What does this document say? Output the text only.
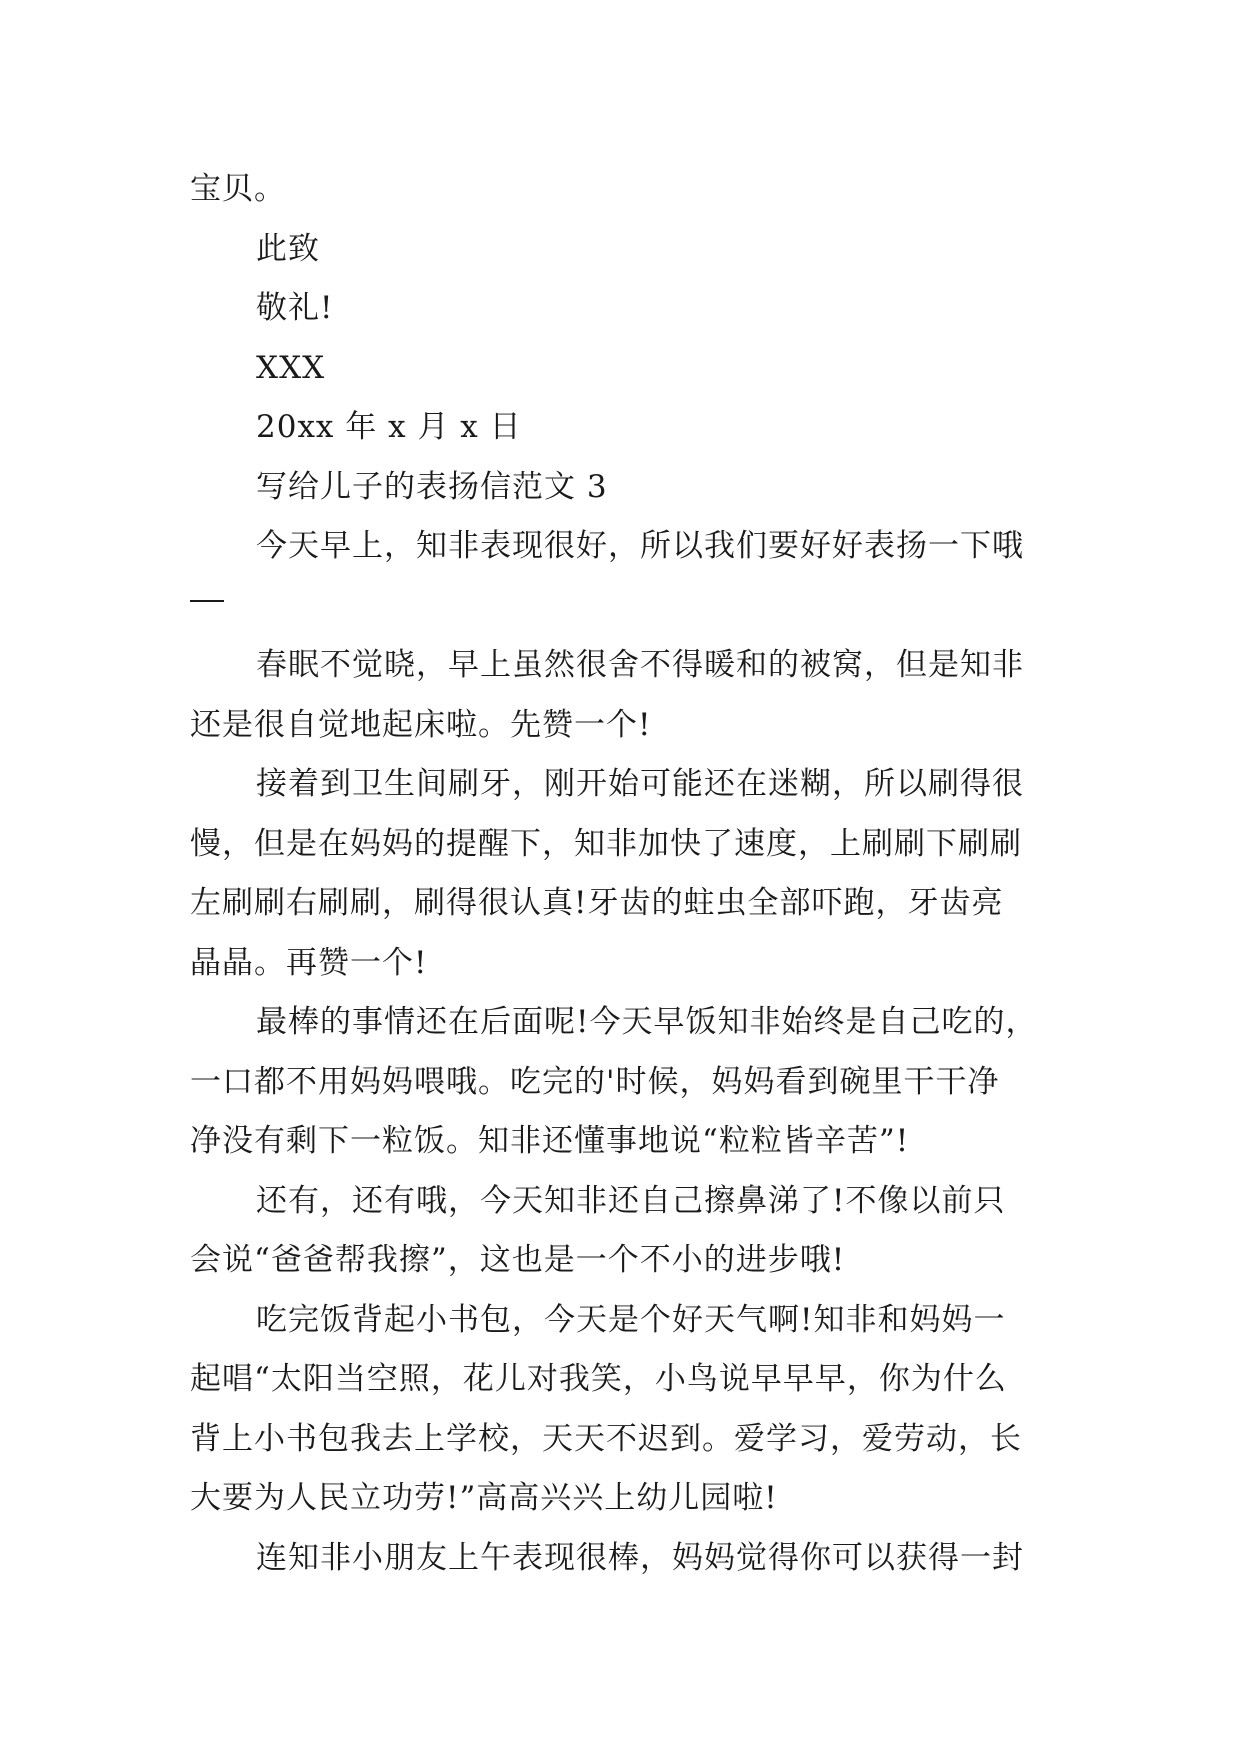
宝贝。
此致
敬礼!
XXX
20xx 年 x 月 x 日
写给儿子的表扬信范文 3
今天早上，知非表现很好，所以我们要好好表扬一下哦
春眠不觉晓，早上虽然很舍不得暖和的被窝，但是知非
还是很自觉地起床啦。先赞一个!
接着到卫生间刷牙，刚开始可能还在迷糊，所以刷得很
慢，但是在妈妈的提醒下，知非加快了速度，上刷刷下刷刷
左刷刷右刷刷，刷得很认真!牙齿的蛀虫全部吓跑，牙齿亮
晶晶。再赞一个!
最棒的事情还在后面呢!今天早饭知非始终是自己吃的，
一口都不用妈妈喂哦。吃完的'时候，妈妈看到碗里干干净
净没有剩下一粒饭。知非还懂事地说“粒粒皆辛苦”!
还有，还有哦，今天知非还自己擦鼻涕了!不像以前只
会说“爸爸帮我擦”，这也是一个不小的进步哦!
吃完饭背起小书包，今天是个好天气啊!知非和妈妈一
起唱“太阳当空照，花儿对我笑，小鸟说早早早，你为什么
背上小书包我去上学校，天天不迟到。爱学习，爱劳动，长
大要为人民立功劳!”高高兴兴上幼儿园啦!
连知非小朋友上午表现很棒，妈妈觉得你可以获得一封
